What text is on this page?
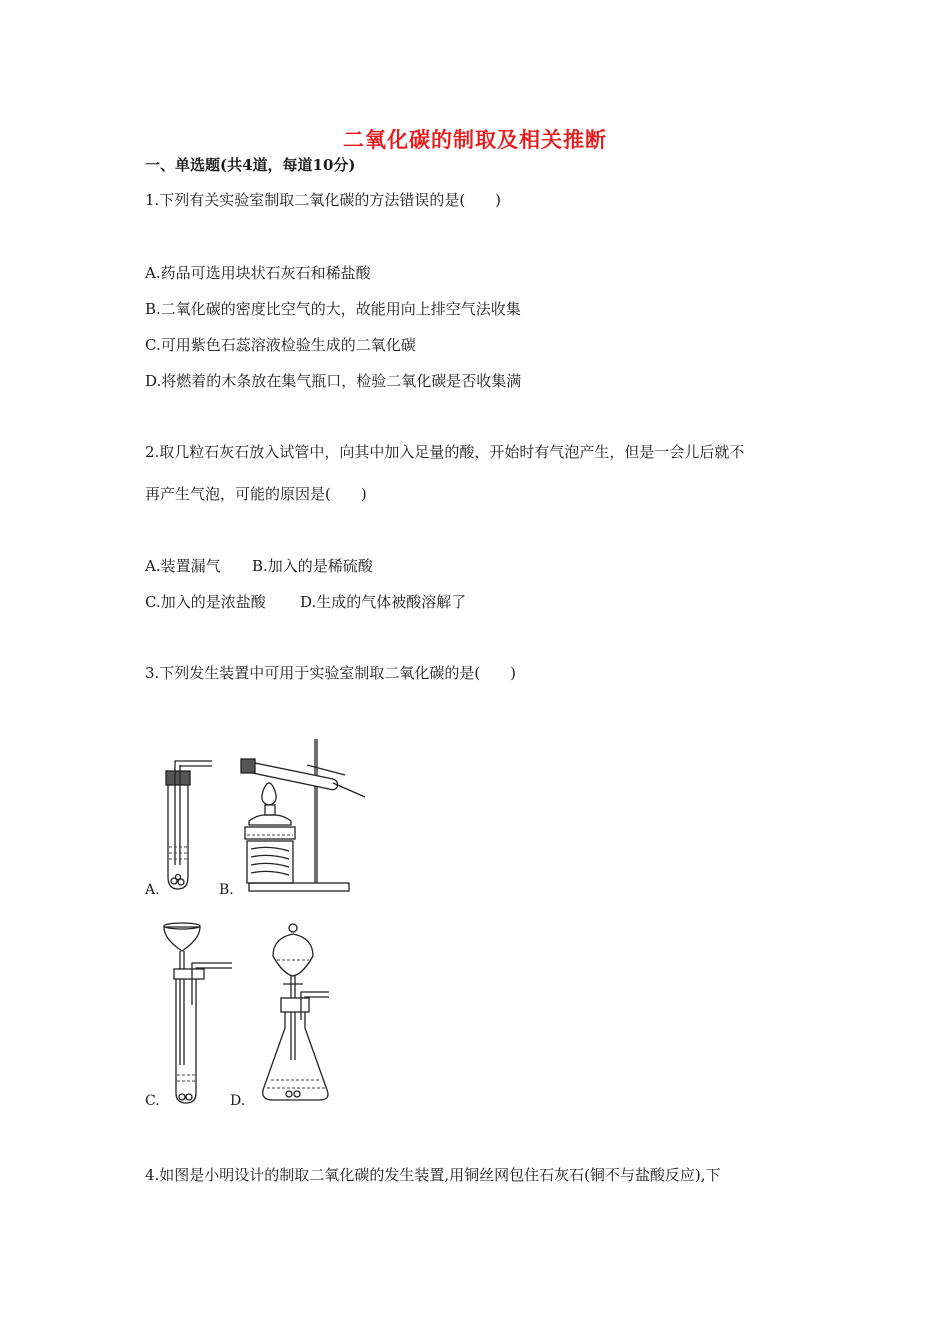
二氧化碳的制取及相关推断
一、单选题(共4道，每道10分)
1.下列有关实验室制取二氧化碳的方法错误的是(　　)
A.药品可选用块状石灰石和稀盐酸
B.二氧化碳的密度比空气的大，故能用向上排空气法收集
C.可用紫色石蕊溶液检验生成的二氧化碳
D.将燃着的木条放在集气瓶口，检验二氧化碳是否收集满
2.取几粒石灰石放入试管中，向其中加入足量的酸，开始时有气泡产生，但是一会儿后就不
再产生气泡，可能的原因是(　　)
A.装置漏气 B.加入的是稀硫酸
C.加入的是浓盐酸 D.生成的气体被酸溶解了
3.下列发生装置中可用于实验室制取二氧化碳的是(　　)
A.	B.
C.	D.
4.如图是小明设计的制取二氧化碳的发生装置,用铜丝网包住石灰石(铜不与盐酸反应),下
